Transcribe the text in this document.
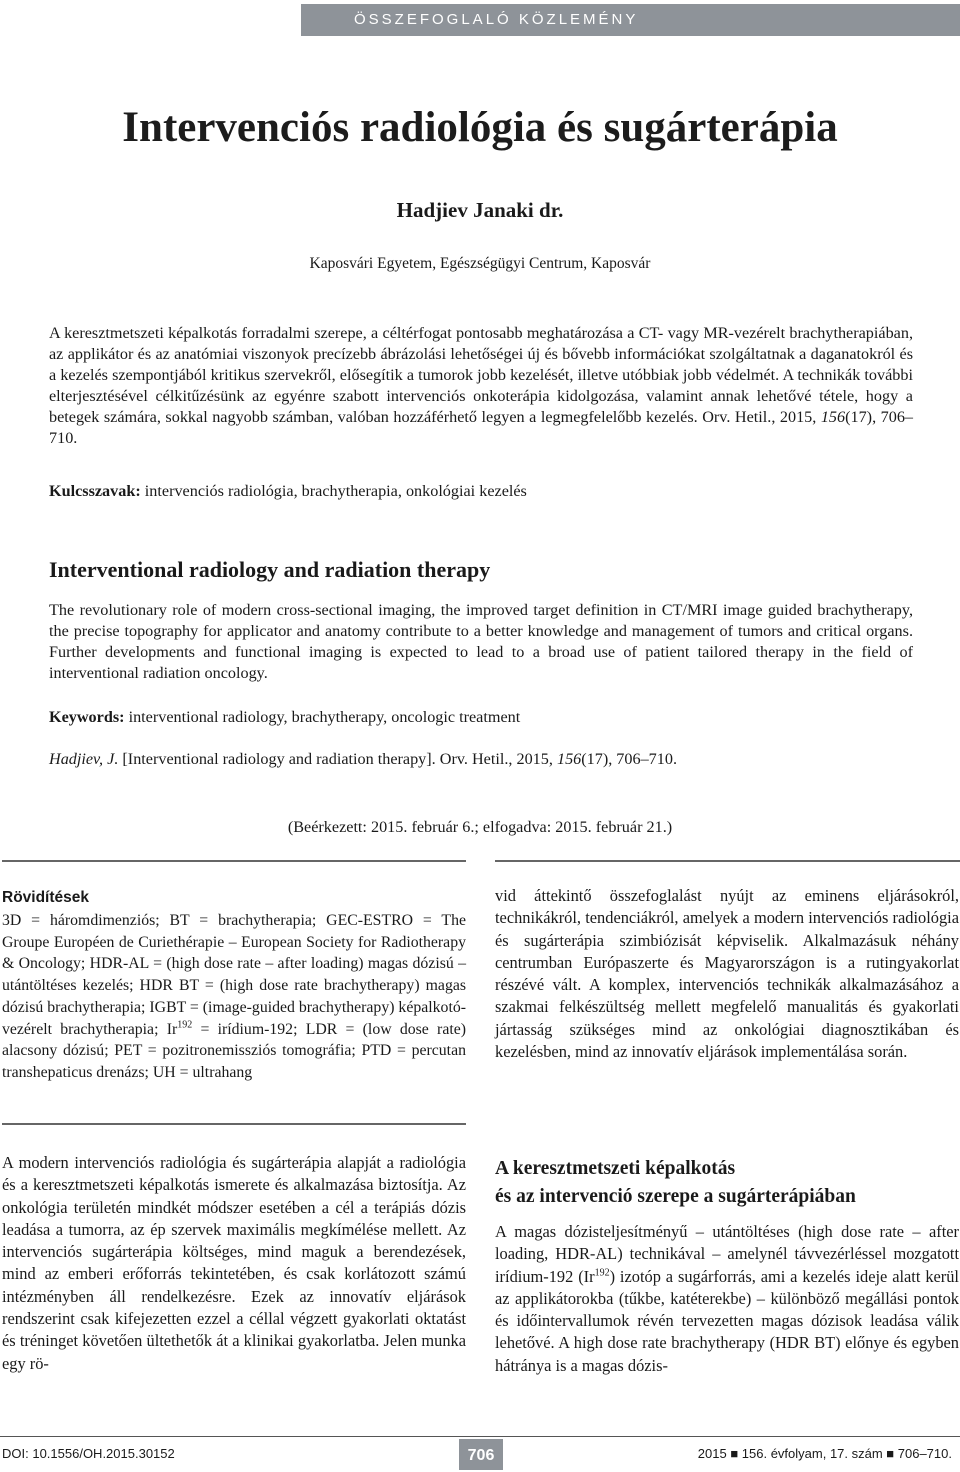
ÖSSZEFOGLALÓ KÖZLEMÉNY
Intervenciós radiológia és sugárterápia
Hadjiev Janaki dr.
Kaposvári Egyetem, Egészségügyi Centrum, Kaposvár
A keresztmetszeti képalkotás forradalmi szerepe, a céltérfogat pontosabb meghatározása a CT- vagy MR-vezérelt brachytherapiában, az applikátor és az anatómiai viszonyok precízebb ábrázolási lehetőségei új és bővebb információkat szolgáltatnak a daganatokról és a kezelés szempontjából kritikus szervekről, elősegítik a tumorok jobb kezelését, illetve utóbbiak jobb védelmét. A technikák további elterjesztésével célkitűzésünk az egyénre szabott intervenciós onkoterápia kidolgozása, valamint annak lehetővé tétele, hogy a betegek számára, sokkal nagyobb számban, valóban hozzáférhető legyen a legmegfelelőbb kezelés. Orv. Hetil., 2015, 156(17), 706–710.
Kulcsszavak: intervenciós radiológia, brachytherapia, onkológiai kezelés
Interventional radiology and radiation therapy
The revolutionary role of modern cross-sectional imaging, the improved target definition in CT/MRI image guided brachytherapy, the precise topography for applicator and anatomy contribute to a better knowledge and management of tumors and critical organs. Further developments and functional imaging is expected to lead to a broad use of patient tailored therapy in the field of interventional radiation oncology.
Keywords: interventional radiology, brachytherapy, oncologic treatment
Hadjiev, J. [Interventional radiology and radiation therapy]. Orv. Hetil., 2015, 156(17), 706–710.
(Beérkezett: 2015. február 6.; elfogadva: 2015. február 21.)
Rövidítések
3D = háromdimenziós; BT = brachytherapia; GEC-ESTRO = The Groupe Européen de Curiethérapie – European Society for Radiotherapy & Oncology; HDR-AL = (high dose rate – after loading) magas dózisú – utántöltéses kezelés; HDR BT = (high dose rate brachytherapy) magas dózisú brachytherapia; IGBT = (image-guided brachytherapy) képalkotó-vezérelt brachytherapia; $Ir^{192}$ = irídium-192; LDR = (low dose rate) alacsony dózisú; PET = pozitronemissziós tomográfia; PTD = percutan transhepaticus drenázs; UH = ultrahang
A modern intervenciós radiológia és sugárterápia alapját a radiológia és a keresztmetszeti képalkotás ismerete és alkalmazása biztosítja. Az onkológia területén mindkét módszer esetében a cél a terápiás dózis leadása a tumorra, az ép szervek maximális megkímélése mellett. Az intervenciós sugárterápia költséges, mind maguk a berendezések, mind az emberi erőforrás tekintetében, és csak korlátozott számú intézményben áll rendelkezésre. Ezek az innovatív eljárások rendszerint csak kifejezetten ezzel a céllal végzett gyakorlati oktatást és tréninget követően ültethetők át a klinikai gyakorlatba. Jelen munka egy rö-
vid áttekintő összefoglalást nyújt az eminens eljárásokról, technikákról, tendenciákról, amelyek a modern intervenciós radiológia és sugárterápia szimbiózisát képviselik. Alkalmazásuk néhány centrumban Európaszerte és Magyarországon is a rutingyakorlat részévé vált. A komplex, intervenciós technikák alkalmazásához a szakmai felkészültség mellett megfelelő manualitás és gyakorlati jártasság szükséges mind az onkológiai diagnosztikában és kezelésben, mind az innovatív eljárások implementálása során.
A keresztmetszeti képalkotás
és az intervenció szerepe a sugárterápiában
A magas dózisteljesítményű – utántöltéses (high dose rate – after loading, HDR-AL) technikával – amelynél távvezérléssel mozgatott irídium-192 (Ir$^{192}$) izotóp a sugárforrás, ami a kezelés ideje alatt kerül az applikátorokba (tűkbe, katéterekbe) – különböző megállási pontok és időintervallumok révén tervezetten magas dózisok leadása válik lehetővé. A high dose rate brachytherapy (HDR BT) előnye és egyben hátránya is a magas dózis-
DOI: 10.1556/OH.2015.30152	706	2015 ■ 156. évfolyam, 17. szám ■ 706–710.
